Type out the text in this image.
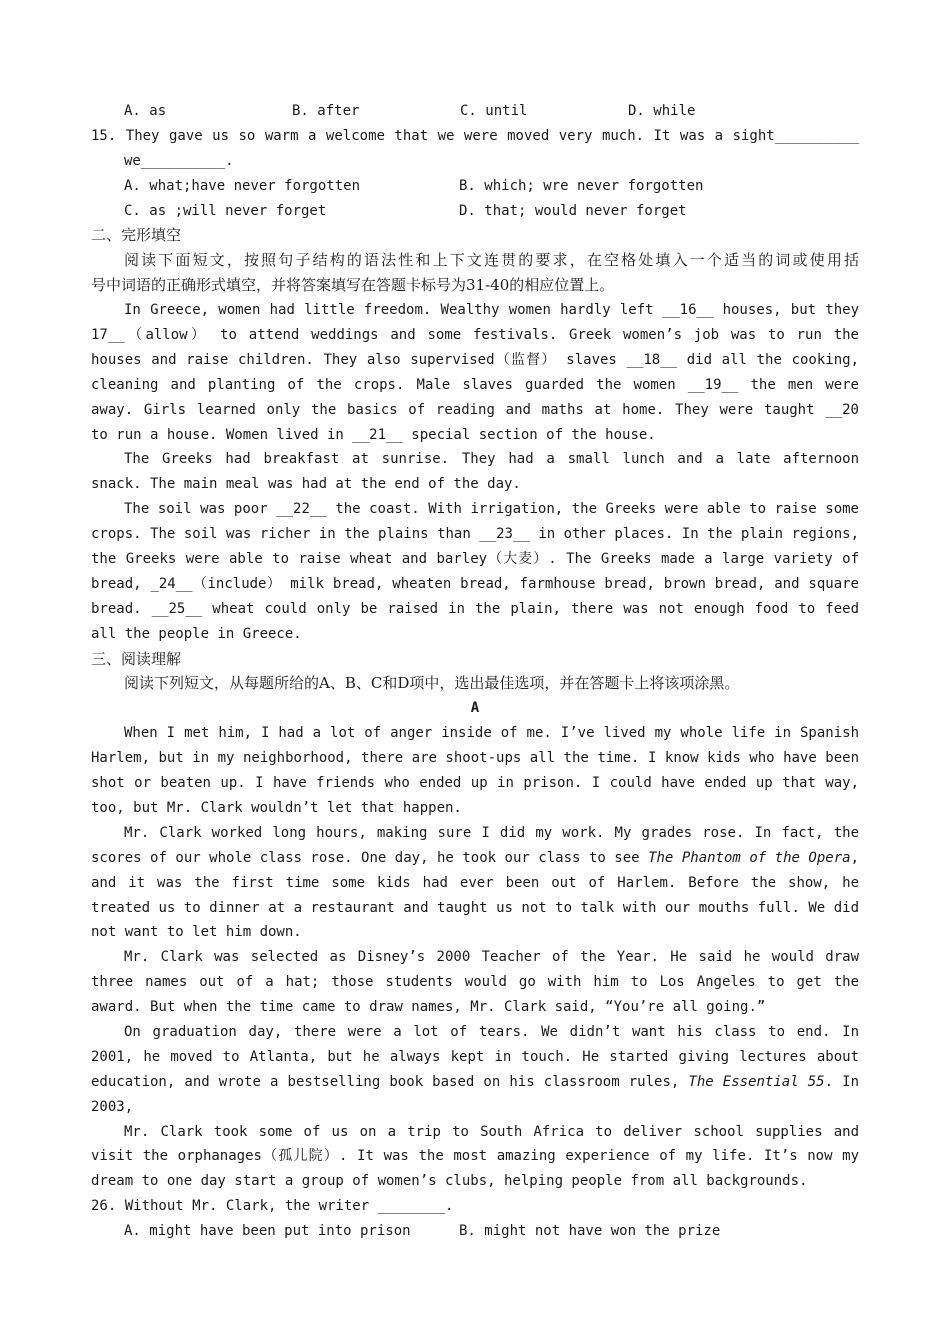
A. as	B. after	C. until	D. while
15. They gave us so warm a welcome that we were moved very much. It was a sight__________
we__________.
A. what;have never forgotten	B. which; wre never forgotten
C. as ;will never forget	D. that; would never forget
二、完形填空
阅读下面短文，按照句子结构的语法性和上下文连贯的要求，在空格处填入一个适当的词或使用括
号中词语的正确形式填空，并将答案填写在答题卡标号为31-40的相应位置上。
In Greece, women had little freedom. Wealthy women hardly left __16__ houses, but they
17__（allow） to attend weddings and some festivals. Greek women’s job was to run the
houses and raise children. They also supervised（监督） slaves __18__ did all the cooking,
cleaning and planting of the crops. Male slaves guarded the women __19__ the men were
away. Girls learned only the basics of reading and maths at home. They were taught __20
to run a house. Women lived in __21__ special section of the house.
The Greeks had breakfast at sunrise. They had a small lunch and a late afternoon
snack. The main meal was had at the end of the day.
The soil was poor __22__ the coast. With irrigation, the Greeks were able to raise some
crops. The soil was richer in the plains than __23__ in other places. In the plain regions,
the Greeks were able to raise wheat and barley（大麦）. The Greeks made a large variety of
bread, _24__（include） milk bread, wheaten bread, farmhouse bread, brown bread, and square
bread. __25__ wheat could only be raised in the plain, there was not enough food to feed
all the people in Greece.
三、阅读理解
阅读下列短文，从每题所给的A、B、C和D项中，选出最佳选项，并在答题卡上将该项涂黑。
A
When I met him, I had a lot of anger inside of me. I’ve lived my whole life in Spanish
Harlem, but in my neighborhood, there are shoot-ups all the time. I know kids who have been
shot or beaten up. I have friends who ended up in prison. I could have ended up that way,
too, but Mr. Clark wouldn’t let that happen.
Mr. Clark worked long hours, making sure I did my work. My grades rose. In fact, the
scores of our whole class rose. One day, he took our class to see The Phantom of the Opera,
and it was the first time some kids had ever been out of Harlem. Before the show, he
treated us to dinner at a restaurant and taught us not to talk with our mouths full. We did
not want to let him down.
Mr. Clark was selected as Disney’s 2000 Teacher of the Year. He said he would draw
three names out of a hat; those students would go with him to Los Angeles to get the
award. But when the time came to draw names, Mr. Clark said, “You’re all going.”
On graduation day, there were a lot of tears. We didn’t want his class to end. In
2001, he moved to Atlanta, but he always kept in touch. He started giving lectures about
education, and wrote a bestselling book based on his classroom rules, The Essential 55. In
2003,
Mr. Clark took some of us on a trip to South Africa to deliver school supplies and
visit the orphanages（孤儿院）. It was the most amazing experience of my life. It’s now my
dream to one day start a group of women’s clubs, helping people from all backgrounds.
26. Without Mr. Clark, the writer ________.
A. might have been put into prison	B. might not have won the prize
